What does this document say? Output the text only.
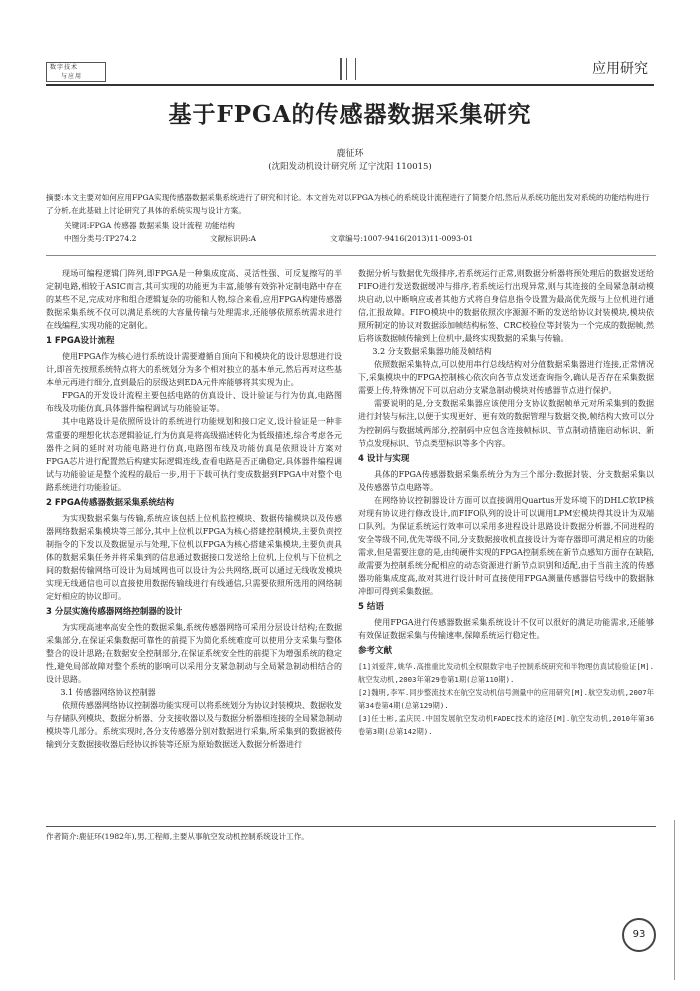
数字技术
与应用	应用研究
基于FPGA的传感器数据采集研究
鹿征环
(沈阳发动机设计研究所 辽宁沈阳 110015)
摘要:本文主要对如何应用FPGA实现传感器数据采集系统进行了研究和讨论。本文首先对以FPGA为核心的系统设计流程进行了简要介绍,然后从系统功能出发对系统的功能结构进行了分析,在此基础上讨论研究了具体的系统实现与设计方案。
关键词:FPGA 传感器 数据采集 设计流程 功能结构
中图分类号:TP274.2	文献标识码:A	文章编号:1007-9416(2013)11-0093-01

现场可编程逻辑门阵列,即FPGA是一种集成度高、灵活性强、可反复擦写的半定制电路,相较于ASIC而言,其可实现的功能更为丰富,能够有效弥补定制电路中存在的某些不足,完成对序和组合逻辑复杂的功能和人物,综合来看,应用FPGA构建传感器数据采集系统不仅可以满足系统的大容量传输与处理需求,还能够依照系统需求进行在线编程,实现功能的定制化。

1 FPGA设计流程

使用FPGA作为核心进行系统设计需要遵循自顶向下和模块化的设计思想进行设计,即首先按照系统特点将大的系统划分为多个相对独立的基本单元,然后再对这些基本单元再进行细分,直到最后的层级达到EDA元件库能够将其实现为止。

FPGA的开发设计流程主要包括电路的仿真设计、设计验证与行为仿真,电路图布线及功能仿真,具体器件编程调试与功能验证等。

其中电路设计是依照所设计的系统进行功能规划和接口定义,设计验证是一种非常重要的理想化状态逻辑验证,行为仿真是将高级描述转化为低级描述,综合考虑各元器件之间的延时对功能电路进行仿真,电路图布线及功能仿真是依照设计方案对FPGA芯片进行配置然后构建实际逻辑连线,查看电路是否正确稳定,具体器件编程调试与功能验证是整个流程的最后一步,用于下载可执行变成数据到FPGA中对整个电路系统进行功能验证。

2 FPGA传感器数据采集系统结构

为实现数据采集与传输,系统应该包括上位机监控模块、数据传输模块以及传感器网络数据采集模块等三部分,其中上位机以FPGA为核心搭建控制模块,主要负责控制指令的下发以及数据显示与处理,下位机以FPGA为核心搭建采集模块,主要负责具体的数据采集任务并将采集到的信息通过数据接口发送给上位机,上位机与下位机之间的数据传输网络可设计为局域网也可以设计为公共网络,既可以通过无线收发模块实现无线通信也可以直接使用数据传输线进行有线通信,只需要依照所选用的网络制定好相应的协议即可。

3 分层实施传感器网络控制器的设计

为实现高速率高安全性的数据采集,系统传感器网络可采用分层设计结构;在数据采集部分,在保证采集数据可靠性的前提下为简化系统难度可以使用分支采集与整体整合的设计思路;在数据安全控制部分,在保证系统安全性的前提下为增强系统的稳定性,避免局部故障对整个系统的影响可以采用分支紧急制动与全局紧急制动相结合的设计思路。

3.1 传感器网络协议控制器

依照传感器网络协议控制器功能实现可以将系统划分为协议封装模块、数据收发与存储队列模块、数据分析器、分支接收器以及与数据分析器相连接的全局紧急制动模块等几部分。系统实现时,各分支传感器分别对数据进行采集,所采集到的数据被传输到分支数据接收器后经协议拆装等还原为原始数据送入数据分析器进行

数据分析与数据优先级排序,若系统运行正常,则数据分析器将预处理后的数据发送给FIFO进行发送数据缓冲与排序,若系统运行出现异常,则与其连接的全局紧急制动模块启动,以中断响应或者其他方式将自身信息指令设置为最高优先级与上位机进行通信,汇报故障。FIFO模块中的数据依照次序源源不断的发送给协议封装模块,模块依照所制定的协议对数据添加帧结构标签、CRC校验位等封装为一个完成的数据帧,然后将该数据帧传输到上位机中,最终实现数据的采集与传输。

3.2 分支数据采集器功能及帧结构

依照数据采集特点,可以使用串行总线结构对分值数据采集器进行连接,正常情况下,采集模块中的FPGA控制核心依次向各节点发送查询指令,确认是否存在采集数据需要上传,特殊情况下可以启动分支紧急制动模块对传感器节点进行保护。

需要说明的是,分支数据采集器应该使用分支协议数据帧单元对所采集到的数据进行封装与标注,以便于实现更好、更有效的数据管理与数据交换,帧结构大致可以分为控制码与数据域两部分,控制码中应包含连接帧标识、节点制动措施启动标识、新节点发现标识、节点类型标识等多个内容。

4 设计与实现

具体的FPGA传感器数据采集系统分为为三个部分:数据封装、分支数据采集以及传感器节点电路等。

在网络协议控制器设计方面可以直接调用Quartus开发环境下的DHLC软IP核对现有协议进行修改设计,而FIFO队列的设计可以调用LPM宏模块得其设计为双端口队列。为保证系统运行效率可以采用多进程设计思路设计数据分析器,不同进程的安全等级不同,优先等级不同,分支数据接收机直接设计为寄存器即可满足相应的功能需求,但是需要注意的是,由纯硬件实现的FPGA控制系统在新节点感知方面存在缺陷,故需要为控制系统分配相应的动态资源进行新节点识别和适配,由于当前主流的传感器功能集成度高,故对其进行设计时可直接使用FPGA测量传感器信号线中的数据脉冲即可得到采集数据。

5 结语

使用FPGA进行传感器数据采集系统设计不仅可以很好的满足功能需求,还能够有效保证数据采集与传输速率,保障系统运行稳定性。

参考文献
[1]刘爱萍,姚华.高推重比发动机全权限数字电子控制系统研究和半物理仿真试验验证[M].航空发动机,2003年第29卷第1期(总第110期).
[2]魏明,李军.同步整流技术在航空发动机信号测量中的应用研究[M].航空发动机,2007年第34卷第4期(总第129期).
[3]任士彬,孟庆民.中国发展航空发动机FADEC技术的途径[M].航空发动机,2010年第36卷第3期(总第142期).
作者简介:鹿征环(1982年),男,工程师,主要从事航空发动机控制系统设计工作。
93
